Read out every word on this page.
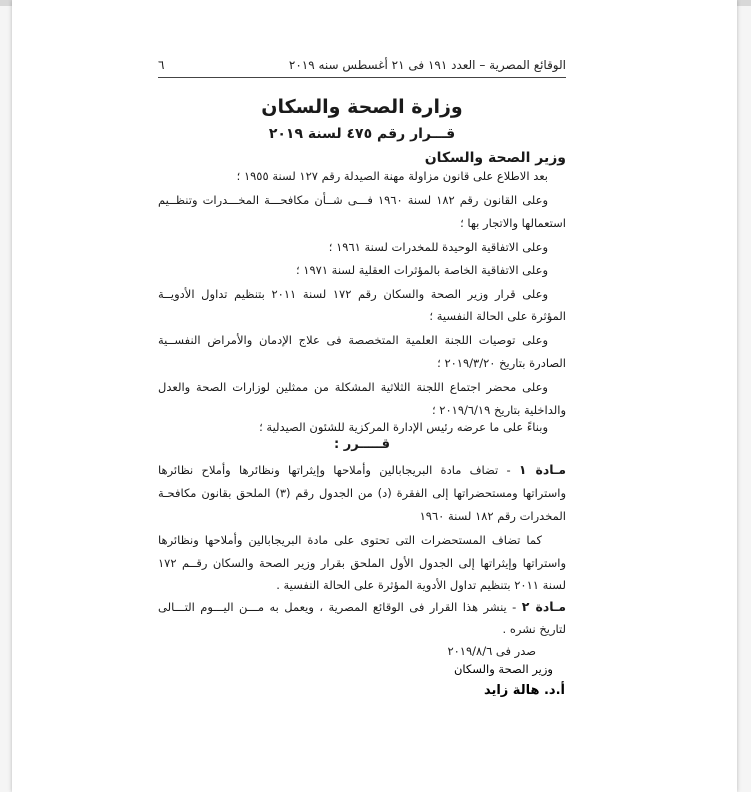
الوقائع المصرية – العدد ١٩١ فى ٢١ أغسطس سنه ٢٠١٩
٦
وزارة الصحة والسكان
قـــرار رقم ٤٧٥ لسنة ٢٠١٩
وزير الصحة والسكان
بعد الاطلاع على قانون مزاولة مهنة الصيدلة رقم ١٢٧ لسنة ١٩٥٥ ؛
وعلى القانون رقم ١٨٢ لسنة ١٩٦٠ فـــى شــأن مكافحـــة المخـــدرات وتنظــيم
استعمالها والاتجار بها ؛
وعلى الاتفاقية الوحيدة للمخدرات لسنة ١٩٦١ ؛
وعلى الاتفاقية الخاصة بالمؤثرات العقلية لسنة ١٩٧١ ؛
وعلى قرار وزير الصحة والسكان رقم ١٧٢ لسنة ٢٠١١ بتنظيم تداول الأدويــة
المؤثرة على الحالة النفسية ؛
وعلى توصيات اللجنة العلمية المتخصصة فى علاج الإدمان والأمراض النفســية
الصادرة بتاريخ ٢٠١٩/٣/٢٠ ؛
وعلى محضر اجتماع اللجنة الثلاثية المشكلة من ممثلين لوزارات الصحة والعدل
والداخلية بتاريخ ٢٠١٩/٦/١٩ ؛
وبناءً على ما عرضه رئيس الإدارة المركزية للشئون الصيدلية ؛
قـــــرر :
مـادة ١ - تضاف مادة البريجابالين وأملاحها وإيثراتها ونظائرها وأملاح نظائرها
واستراتها ومستحضراتها إلى الفقرة (د) من الجدول رقم (٣) الملحق بقانون مكافحـة
المخدرات رقم ١٨٢ لسنة ١٩٦٠
كما تضاف المستحضرات التى تحتوى على مادة البريجابالين وأملاحها ونظائرها
واستراتها وإيثراتها إلى الجدول الأول الملحق بقرار وزير الصحة والسكان رقــم ١٧٢
لسنة ٢٠١١ بتنظيم تداول الأدوية المؤثرة على الحالة النفسية .
مـادة ٢ - ينشر هذا القرار فى الوقائع المصرية ، ويعمل به مـــن اليـــوم التـــالى
لتاريخ نشره .
صدر فى ٢٠١٩/٨/٦
وزير الصحة والسكان
أ.د. هالة زايد
